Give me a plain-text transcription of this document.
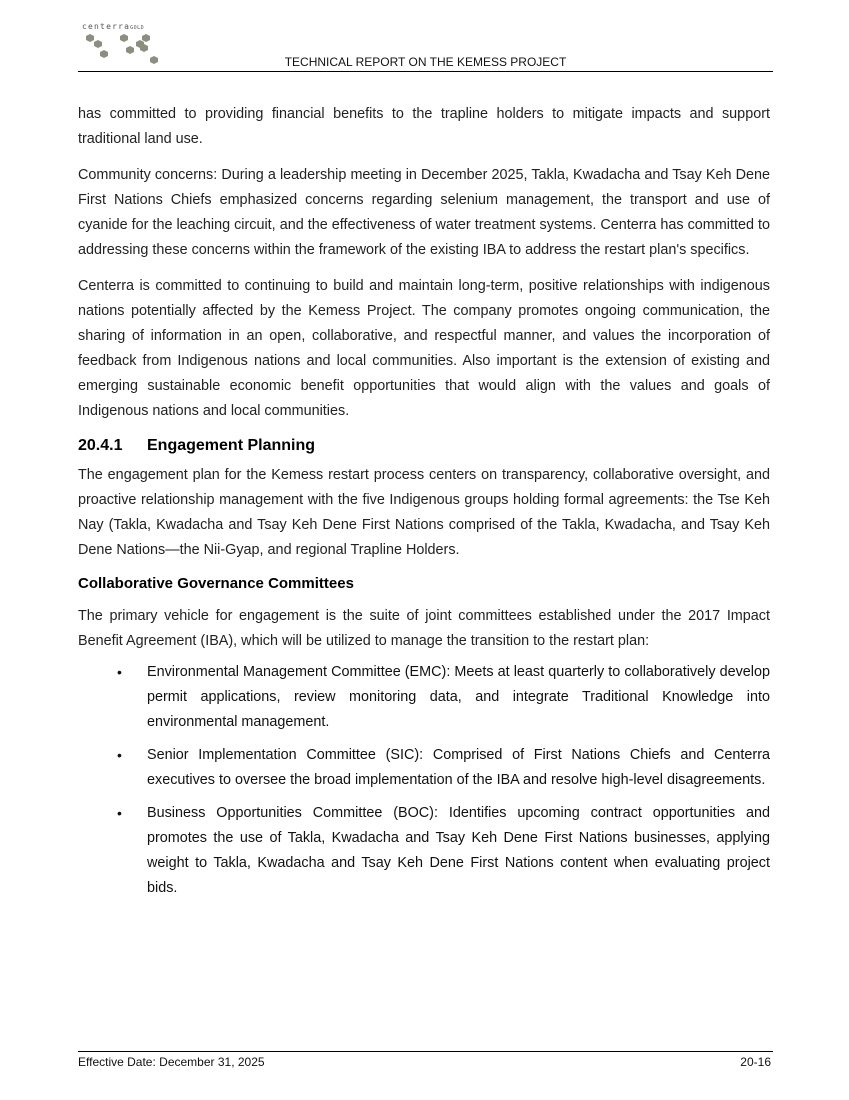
centerraGOLD
TECHNICAL REPORT ON THE KEMESS PROJECT

has committed to providing financial benefits to the trapline holders to mitigate impacts and support traditional land use.

Community concerns: During a leadership meeting in December 2025, Takla, Kwadacha and Tsay Keh Dene First Nations Chiefs emphasized concerns regarding selenium management, the transport and use of cyanide for the leaching circuit, and the effectiveness of water treatment systems. Centerra has committed to addressing these concerns within the framework of the existing IBA to address the restart plan's specifics.

Centerra is committed to continuing to build and maintain long-term, positive relationships with indigenous nations potentially affected by the Kemess Project. The company promotes ongoing communication, the sharing of information in an open, collaborative, and respectful manner, and values the incorporation of feedback from Indigenous nations and local communities. Also important is the extension of existing and emerging sustainable economic benefit opportunities that would align with the values and goals of Indigenous nations and local communities.

20.4.1 Engagement Planning

The engagement plan for the Kemess restart process centers on transparency, collaborative oversight, and proactive relationship management with the five Indigenous groups holding formal agreements: the Tse Keh Nay (Takla, Kwadacha and Tsay Keh Dene First Nations comprised of the Takla, Kwadacha, and Tsay Keh Dene Nations—the Nii-Gyap, and regional Trapline Holders.

Collaborative Governance Committees

The primary vehicle for engagement is the suite of joint committees established under the 2017 Impact Benefit Agreement (IBA), which will be utilized to manage the transition to the restart plan:

• Environmental Management Committee (EMC): Meets at least quarterly to collaboratively develop permit applications, review monitoring data, and integrate Traditional Knowledge into environmental management.
• Senior Implementation Committee (SIC): Comprised of First Nations Chiefs and Centerra executives to oversee the broad implementation of the IBA and resolve high-level disagreements.
• Business Opportunities Committee (BOC): Identifies upcoming contract opportunities and promotes the use of Takla, Kwadacha and Tsay Keh Dene First Nations businesses, applying weight to Takla, Kwadacha and Tsay Keh Dene First Nations content when evaluating project bids.
Effective Date: December 31, 2025	20-16
